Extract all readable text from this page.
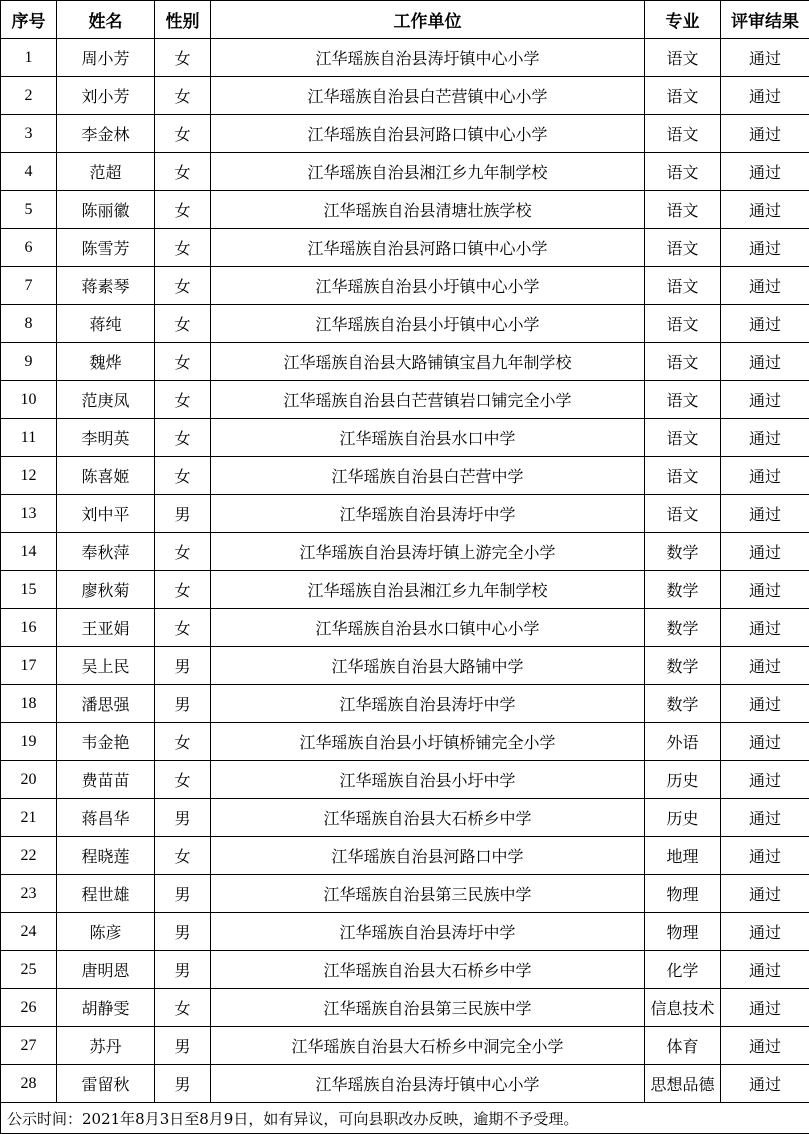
序号	姓名	性别	工作单位	专业	评审结果
1	周小芳	女	江华瑶族自治县涛圩镇中心小学	语文	通过
2	刘小芳	女	江华瑶族自治县白芒营镇中心小学	语文	通过
3	李金林	女	江华瑶族自治县河路口镇中心小学	语文	通过
4	范超	女	江华瑶族自治县湘江乡九年制学校	语文	通过
5	陈丽徽	女	江华瑶族自治县清塘壮族学校	语文	通过
6	陈雪芳	女	江华瑶族自治县河路口镇中心小学	语文	通过
7	蒋素琴	女	江华瑶族自治县小圩镇中心小学	语文	通过
8	蒋纯	女	江华瑶族自治县小圩镇中心小学	语文	通过
9	魏烨	女	江华瑶族自治县大路铺镇宝昌九年制学校	语文	通过
10	范庚凤	女	江华瑶族自治县白芒营镇岩口铺完全小学	语文	通过
11	李明英	女	江华瑶族自治县水口中学	语文	通过
12	陈喜姬	女	江华瑶族自治县白芒营中学	语文	通过
13	刘中平	男	江华瑶族自治县涛圩中学	语文	通过
14	奉秋萍	女	江华瑶族自治县涛圩镇上游完全小学	数学	通过
15	廖秋菊	女	江华瑶族自治县湘江乡九年制学校	数学	通过
16	王亚娟	女	江华瑶族自治县水口镇中心小学	数学	通过
17	吴上民	男	江华瑶族自治县大路铺中学	数学	通过
18	潘思强	男	江华瑶族自治县涛圩中学	数学	通过
19	韦金艳	女	江华瑶族自治县小圩镇桥铺完全小学	外语	通过
20	费苗苗	女	江华瑶族自治县小圩中学	历史	通过
21	蒋昌华	男	江华瑶族自治县大石桥乡中学	历史	通过
22	程晓莲	女	江华瑶族自治县河路口中学	地理	通过
23	程世雄	男	江华瑶族自治县第三民族中学	物理	通过
24	陈彦	男	江华瑶族自治县涛圩中学	物理	通过
25	唐明恩	男	江华瑶族自治县大石桥乡中学	化学	通过
26	胡静雯	女	江华瑶族自治县第三民族中学	信息技术	通过
27	苏丹	男	江华瑶族自治县大石桥乡中洞完全小学	体育	通过
28	雷留秋	男	江华瑶族自治县涛圩镇中心小学	思想品德	通过
公示时间：2021年8月3日至8月9日，如有异议，可向县职改办反映，逾期不予受理。					
